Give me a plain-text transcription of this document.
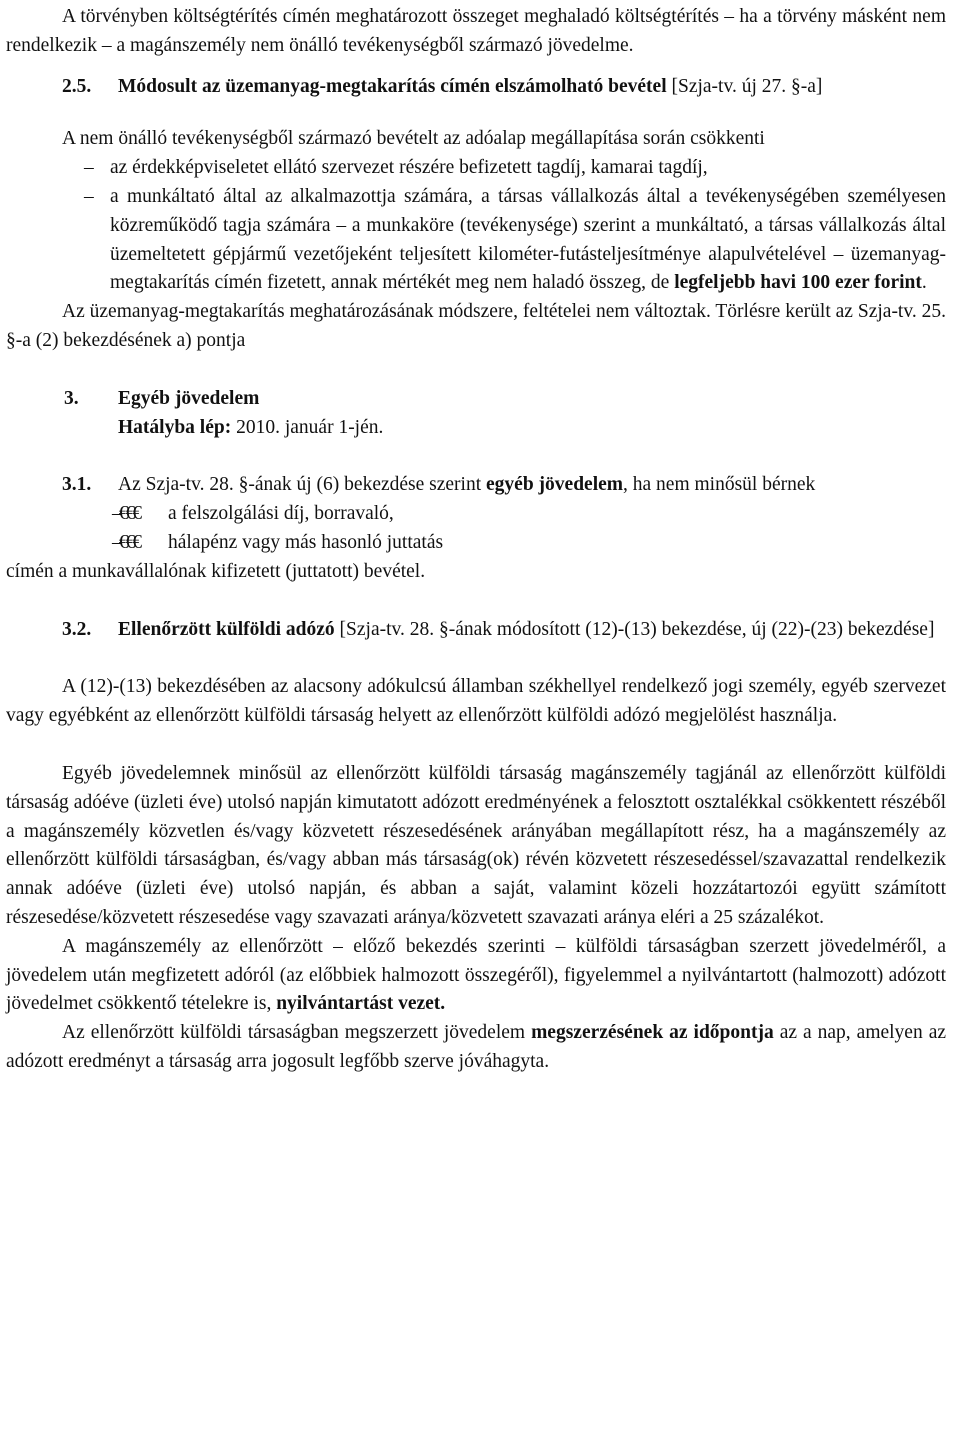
A törvényben költségtérítés címén meghatározott összeget meghaladó költségtérítés – ha a törvény másként nem rendelkezik – a magánszemély nem önálló tevékenységből származó jövedelme.

2.5. Módosult az üzemanyag-megtakarítás címén elszámolható bevétel [Szja-tv. új 27. §-a]

A nem önálló tevékenységből származó bevételt az adóalap megállapítása során csökkenti

– az érdekképviseletet ellátó szervezet részére befizetett tagdíj, kamarai tagdíj,
– a munkáltató által az alkalmazottja számára, a társas vállalkozás által a tevékenységében személyesen közreműködő tagja számára – a munkaköre (tevékenysége) szerint a munkáltató, a társas vállalkozás által üzemeltetett gépjármű vezetőjeként teljesített kilométer-futásteljesítménye alapulvételével – üzemanyag-megtakarítás címén fizetett, annak mértékét meg nem haladó összeg, de legfeljebb havi 100 ezer forint.

Az üzemanyag-megtakarítás meghatározásának módszere, feltételei nem változtak. Törlésre került az Szja-tv. 25. §-a (2) bekezdésének a) pontja

3. Egyéb jövedelem
Hatályba lép: 2010. január 1-jén.
3.1. Az Szja-tv. 28. §-ának új (6) bekezdése szerint egyéb jövedelem, ha nem minősül bérnek
–€€€ a felszolgálási díj, borravaló,
–€€€ hálapénz vagy más hasonló juttatás

címén a munkavállalónak kifizetett (juttatott) bevétel.

3.2. Ellenőrzött külföldi adózó [Szja-tv. 28. §-ának módosított (12)-(13) bekezdése, új (22)-(23) bekezdése]

A (12)-(13) bekezdésében az alacsony adókulcsú államban székhellyel rendelkező jogi személy, egyéb szervezet vagy egyébként az ellenőrzött külföldi társaság helyett az ellenőrzött külföldi adózó megjelölést használja.

Egyéb jövedelemnek minősül az ellenőrzött külföldi társaság magánszemély tagjánál az ellenőrzött külföldi társaság adóéve (üzleti éve) utolsó napján kimutatott adózott eredményének a felosztott osztalékkal csökkentett részéből a magánszemély közvetlen és/vagy közvetett részesedésének arányában megállapított rész, ha a magánszemély az ellenőrzött külföldi társaságban, és/vagy abban más társaság(ok) révén közvetett részesedéssel/szavazattal rendelkezik annak adóéve (üzleti éve) utolsó napján, és abban a saját, valamint közeli hozzátartozói együtt számított részesedése/közvetett részesedése vagy szavazati aránya/közvetett szavazati aránya eléri a 25 százalékot.

A magánszemély az ellenőrzött – előző bekezdés szerinti – külföldi társaságban szerzett jövedelméről, a jövedelem után megfizetett adóról (az előbbiek halmozott összegéről), figyelemmel a nyilvántartott (halmozott) adózott jövedelmet csökkentő tételekre is, nyilvántartást vezet.

Az ellenőrzött külföldi társaságban megszerzett jövedelem megszerzésének az időpontja az a nap, amelyen az adózott eredményt a társaság arra jogosult legfőbb szerve jóváhagyta.
